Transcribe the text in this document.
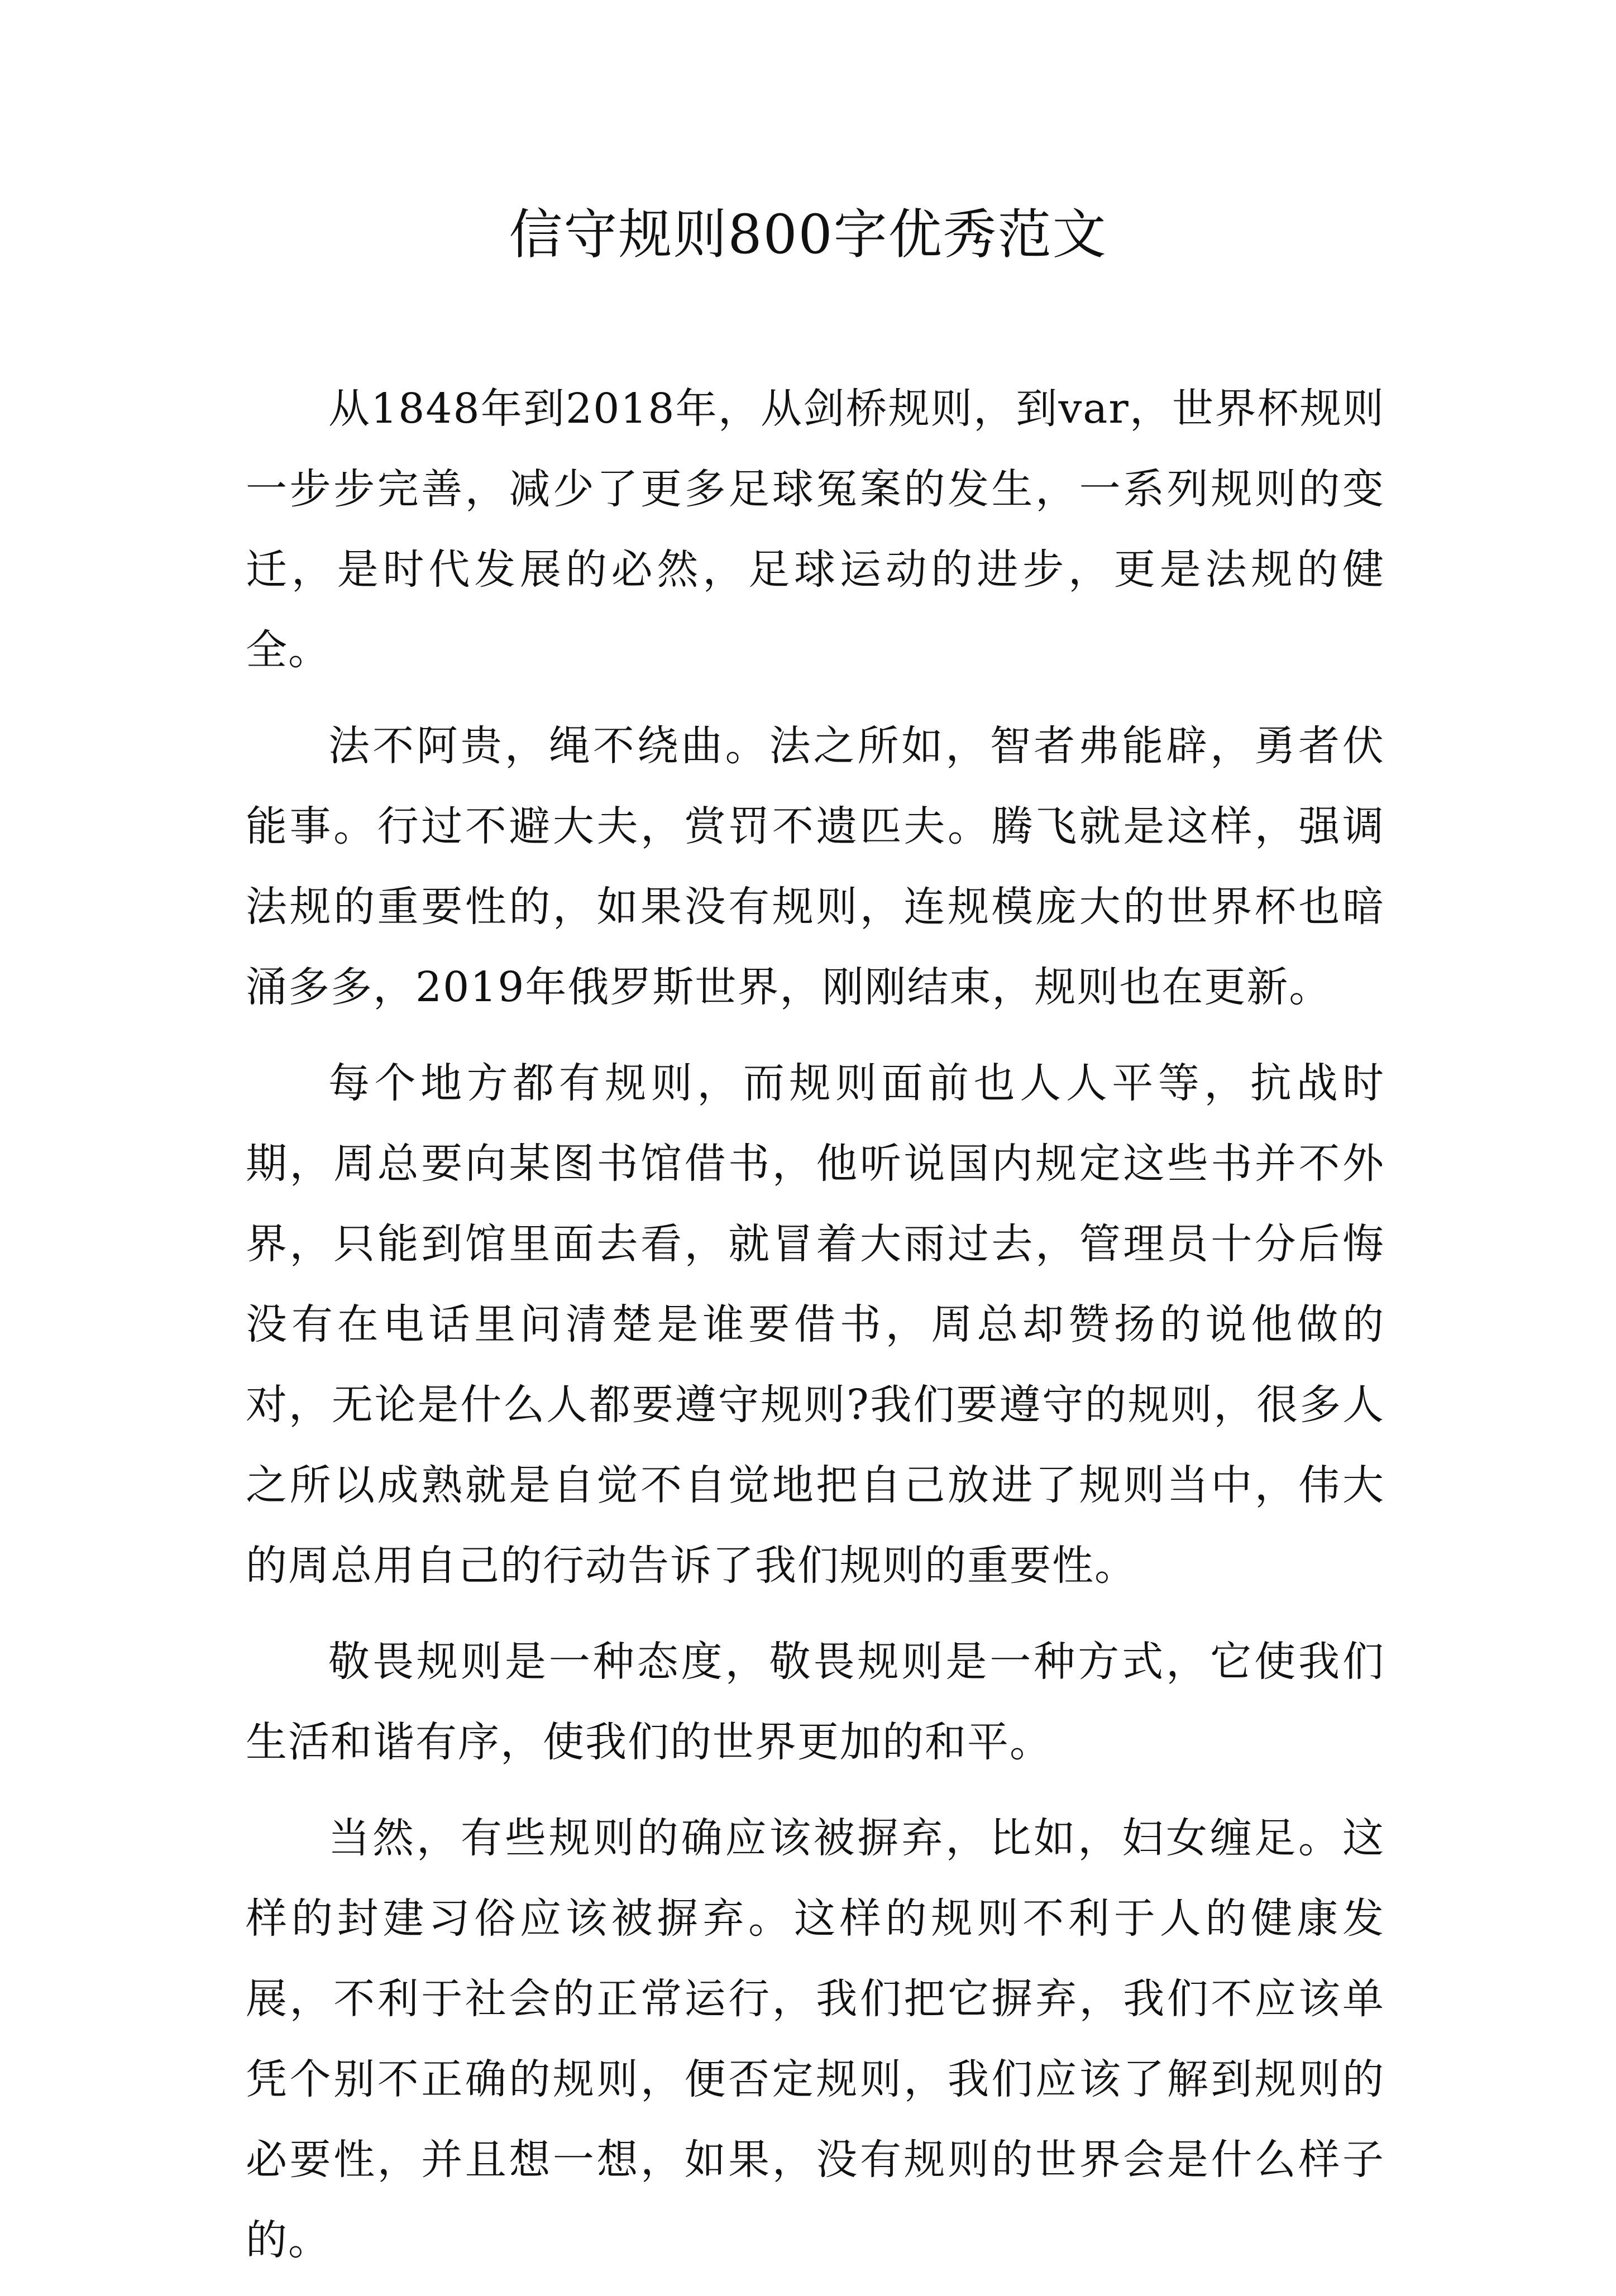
信守规则800字优秀范文

从1848年到2018年，从剑桥规则，到var，世界杯规则一步步完善，减少了更多足球冤案的发生，一系列规则的变迁，是时代发展的必然，足球运动的进步，更是法规的健全。

法不阿贵，绳不绕曲。法之所如，智者弗能辟，勇者伏能事。行过不避大夫，赏罚不遗匹夫。腾飞就是这样，强调法规的重要性的，如果没有规则，连规模庞大的世界杯也暗涌多多，2019年俄罗斯世界，刚刚结束，规则也在更新。

每个地方都有规则，而规则面前也人人平等，抗战时期，周总要向某图书馆借书，他听说国内规定这些书并不外界，只能到馆里面去看，就冒着大雨过去，管理员十分后悔没有在电话里问清楚是谁要借书，周总却赞扬的说他做的对，无论是什么人都要遵守规则?我们要遵守的规则，很多人之所以成熟就是自觉不自觉地把自己放进了规则当中，伟大的周总用自己的行动告诉了我们规则的重要性。

敬畏规则是一种态度，敬畏规则是一种方式，它使我们生活和谐有序，使我们的世界更加的和平。

当然，有些规则的确应该被摒弃，比如，妇女缠足。这样的封建习俗应该被摒弃。这样的规则不利于人的健康发展，不利于社会的正常运行，我们把它摒弃，我们不应该单凭个别不正确的规则，便否定规则，我们应该了解到规则的必要性，并且想一想，如果，没有规则的世界会是什么样子的。
